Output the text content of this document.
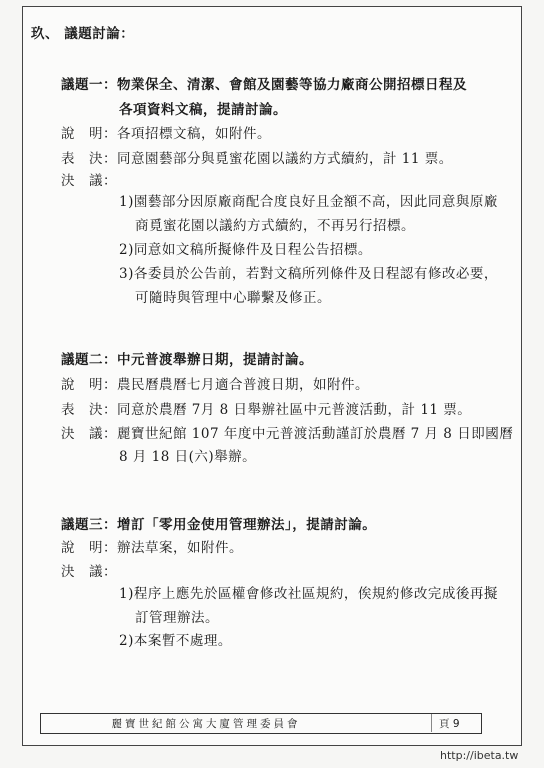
玖、 議題討論：
議題一：物業保全、清潔、會館及園藝等協力廠商公開招標日程及
各項資料文稿，提請討論。
說　明：各項招標文稿，如附件。
表　決：同意園藝部分與覓蜜花園以議約方式續約，計 11 票。
決　議：
1)園藝部分因原廠商配合度良好且金額不高，因此同意與原廠
商覓蜜花園以議約方式續約，不再另行招標。
2)同意如文稿所擬條件及日程公告招標。
3)各委員於公告前，若對文稿所列條件及日程認有修改必要，
可隨時與管理中心聯繫及修正。
議題二：中元普渡舉辦日期，提請討論。
說　明：農民曆農曆七月適合普渡日期，如附件。
表　決：同意於農曆 7月 8 日舉辦社區中元普渡活動，計 11 票。
決　議：麗寶世紀館 107 年度中元普渡活動謹訂於農曆 7 月 8 日即國曆
8 月 18 日(六)舉辦。
議題三：增訂「零用金使用管理辦法」，提請討論。
說　明：辦法草案，如附件。
決　議：
1)程序上應先於區權會修改社區規約，俟規約修改完成後再擬
訂管理辦法。
2)本案暫不處理。
麗寶世紀館公寓大廈管理委員會	頁 9
http://ibeta.tw
